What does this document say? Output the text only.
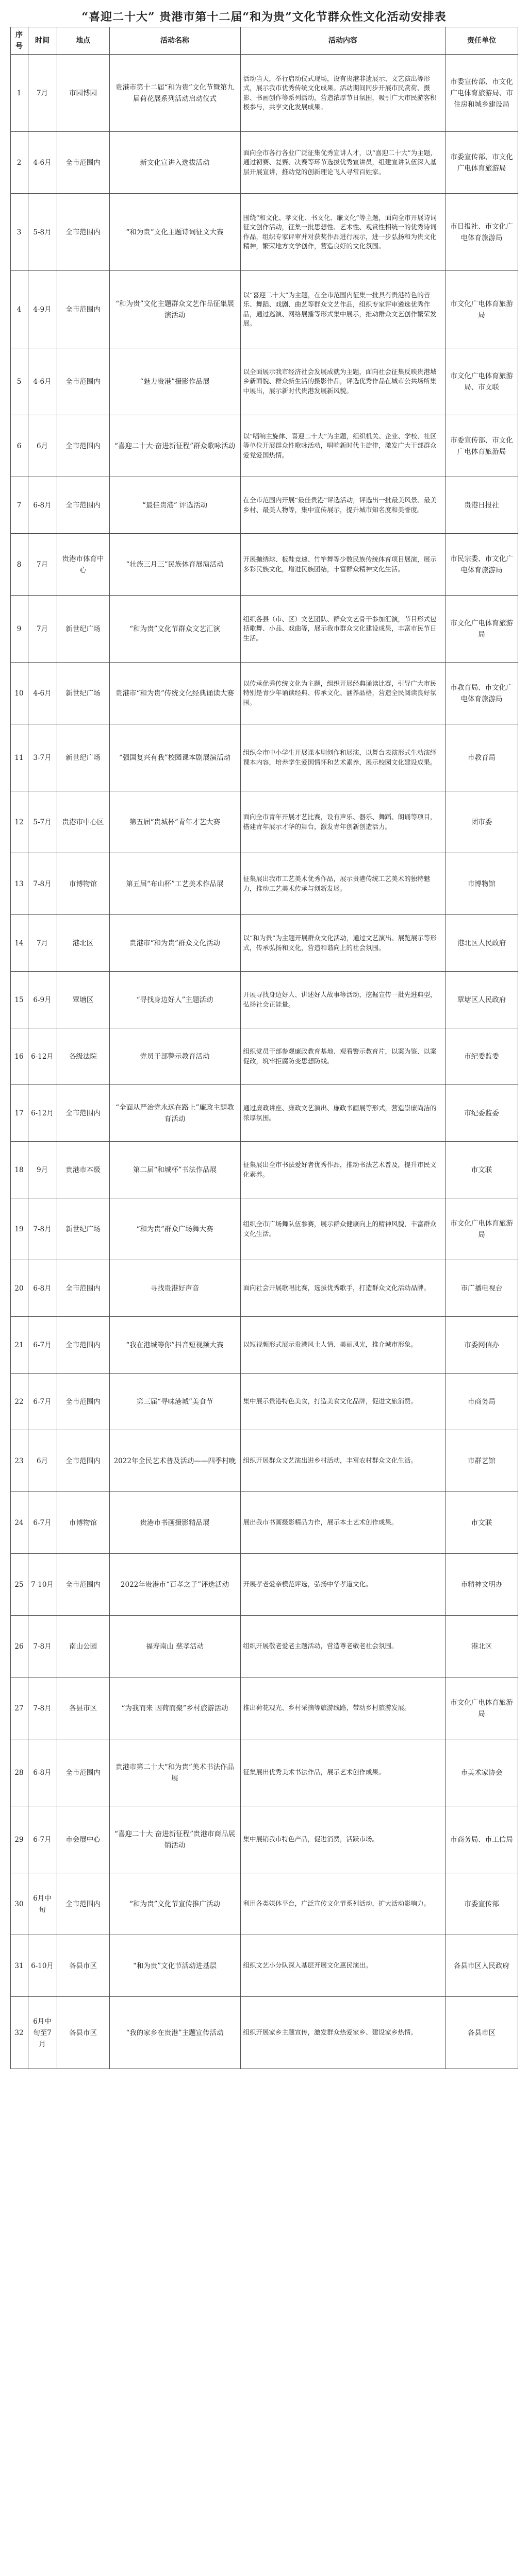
“喜迎二十大” 贵港市第十二届“和为贵”文化节群众性文化活动安排表
序号	时间	地点	活动名称	活动内容	责任单位
1	7月	市园博园	贵港市第十二届“和为贵”文化节暨第九届荷花展系列活动启动仪式	活动当天，举行启动仪式现场，设有贵港非遗展示、文艺演出等形式，展示我市优秀传统文化成果。活动期间同步开展市民赏荷、摄影、书画创作等系列活动，营造浓厚节日氛围，吸引广大市民游客积极参与，共享文化发展成果。	市委宣传部、市文化广电体育旅游局、市住房和城乡建设局
2	4-6月	全市范围内	新文化宣讲入选拔活动	面向全市各行各业广泛征集优秀宣讲人才，以“喜迎二十大”为主题，通过初赛、复赛、决赛等环节选拔优秀宣讲员，组建宣讲队伍深入基层开展宣讲，推动党的创新理论飞入寻常百姓家。	市委宣传部、市文化广电体育旅游局
3	5-8月	全市范围内	“和为贵”文化主题诗词征文大赛	围绕“和文化、孝文化、书文化、廉文化”等主题，面向全市开展诗词征文创作活动，征集一批思想性、艺术性、观赏性相统一的优秀诗词作品，组织专家评审并对获奖作品进行展示，进一步弘扬和为贵文化精神，繁荣地方文学创作，营造良好的文化氛围。	市日报社、市文化广电体育旅游局
4	4-9月	全市范围内	“和为贵”文化主题群众文艺作品征集展演活动	以“喜迎二十大”为主题，在全市范围内征集一批具有贵港特色的音乐、舞蹈、戏剧、曲艺等群众文艺作品，组织专家评审遴选优秀作品，通过巡演、网络展播等形式集中展示，推动群众文艺创作繁荣发展。	市文化广电体育旅游局
5	4-6月	全市范围内	“魅力贵港”摄影作品展	以全面展示我市经济社会发展成就为主题，面向社会征集反映贵港城乡新面貌、群众新生活的摄影作品，评选优秀作品在城市公共场所集中展出，展示新时代贵港发展新风貌。	市文化广电体育旅游局、市文联
6	6月	全市范围内	“喜迎二十大·奋进新征程”群众歌咏活动	以“唱响主旋律、喜迎二十大”为主题，组织机关、企业、学校、社区等单位开展群众性歌咏活动，唱响新时代主旋律，激发广大干部群众爱党爱国热情。	市委宣传部、市文化广电体育旅游局
7	6-8月	全市范围内	“最佳贵港” 评选活动	在全市范围内开展“最佳贵港”评选活动，评选出一批最美风景、最美乡村、最美人物等，集中宣传展示，提升城市知名度和美誉度。	贵港日报社
8	7月	贵港市体育中心	“壮族三月三”民族体育展演活动	开展抛绣球、板鞋竞速、竹竿舞等少数民族传统体育项目展演，展示多彩民族文化，增进民族团结，丰富群众精神文化生活。	市民宗委、市文化广电体育旅游局
9	7月	新世纪广场	“和为贵”文化节群众文艺汇演	组织各县（市、区）文艺团队、群众文艺骨干参加汇演，节目形式包括歌舞、小品、戏曲等，展示我市群众文化建设成果，丰富市民节日生活。	市文化广电体育旅游局
10	4-6月	新世纪广场	贵港市“和为贵”传统文化经典诵读大赛	以传承优秀传统文化为主题，组织开展经典诵读比赛，引导广大市民特别是青少年诵读经典、传承文化、涵养品格，营造全民阅读良好氛围。	市教育局、市文化广电体育旅游局
11	3-7月	新世纪广场	“强国复兴有我”校园课本剧展演活动	组织全市中小学生开展课本剧创作和展演，以舞台表演形式生动演绎课本内容，培养学生爱国情怀和艺术素养，展示校园文化建设成果。	市教育局
12	5-7月	贵港市中心区	第五届“贵城杯”青年才艺大赛	面向全市青年开展才艺比赛，设有声乐、器乐、舞蹈、朗诵等项目，搭建青年展示才华的舞台，激发青年创新创造活力。	团市委
13	7-8月	市博物馆	第五届“布山杯”工艺美术作品展	征集展出我市工艺美术优秀作品，展示贵港传统工艺美术的独特魅力，推动工艺美术传承与创新发展。	市博物馆
14	7月	港北区	贵港市“和为贵”群众文化活动	以“和为贵”为主题开展群众文化活动，通过文艺演出、展览展示等形式，传承弘扬和文化，营造和谐向上的社会氛围。	港北区人民政府
15	6-9月	覃塘区	“寻找身边好人”主题活动	开展寻找身边好人、讲述好人故事等活动，挖掘宣传一批先进典型，弘扬社会正能量。	覃塘区人民政府
16	6-12月	各级法院	党员干部警示教育活动	组织党员干部参观廉政教育基地、观看警示教育片，以案为鉴、以案促改，筑牢拒腐防变思想防线。	市纪委监委
17	6-12月	全市范围内	“全面从严治党永远在路上”廉政主题教育活动	通过廉政讲座、廉政文艺演出、廉政书画展等形式，营造崇廉尚洁的浓厚氛围。	市纪委监委
18	9月	贵港市本级	第二届“和城杯”书法作品展	征集展出全市书法爱好者优秀作品，推动书法艺术普及，提升市民文化素养。	市文联
19	7-8月	新世纪广场	“和为贵”群众广场舞大赛	组织全市广场舞队伍参赛，展示群众健康向上的精神风貌，丰富群众文化生活。	市文化广电体育旅游局
20	6-8月	全市范围内	寻找贵港好声音	面向社会开展歌唱比赛，选拔优秀歌手，打造群众文化活动品牌。	市广播电视台
21	6-7月	全市范围内	“我在港城等你”抖音短视频大赛	以短视频形式展示贵港风土人情、美丽风光，推介城市形象。	市委网信办
22	6-7月	全市范围内	第三届“寻味港城”美食节	集中展示贵港特色美食，打造美食文化品牌，促进文旅消费。	市商务局
23	6月	全市范围内	2022年全民艺术普及活动——四季村晚	组织开展群众文艺演出进乡村活动，丰富农村群众文化生活。	市群艺馆
24	6-7月	市博物馆	贵港市书画摄影精品展	展出我市书画摄影精品力作，展示本土艺术创作成果。	市文联
25	7-10月	全市范围内	2022年贵港市“百孝之子”评选活动	开展孝老爱亲模范评选，弘扬中华孝道文化。	市精神文明办
26	7-8月	南山公园	福寿南山 慈孝活动	组织开展敬老爱老主题活动，营造尊老敬老社会氛围。	港北区
27	7-8月	各县市区	“为我而来 因荷而聚”乡村旅游活动	推出荷花观光、乡村采摘等旅游线路，带动乡村旅游发展。	市文化广电体育旅游局
28	6-8月	全市范围内	贵港市第二十大“和为贵”美术书法作品展	征集展出优秀美术书法作品，展示艺术创作成果。	市美术家协会
29	6-7月	市会展中心	“喜迎二十大 奋进新征程”贵港市商品展销活动	集中展销我市特色产品，促进消费，活跃市场。	市商务局、市工信局
30	6月中旬	全市范围内	“和为贵”文化节宣传推广活动	利用各类媒体平台，广泛宣传文化节系列活动，扩大活动影响力。	市委宣传部
31	6-10月	各县市区	“和为贵”文化节活动进基层	组织文艺小分队深入基层开展文化惠民演出。	各县市区人民政府
32	6月中旬至7月	各县市区	“我的家乡在贵港”主题宣传活动	组织开展家乡主题宣传，激发群众热爱家乡、建设家乡热情。	各县市区
